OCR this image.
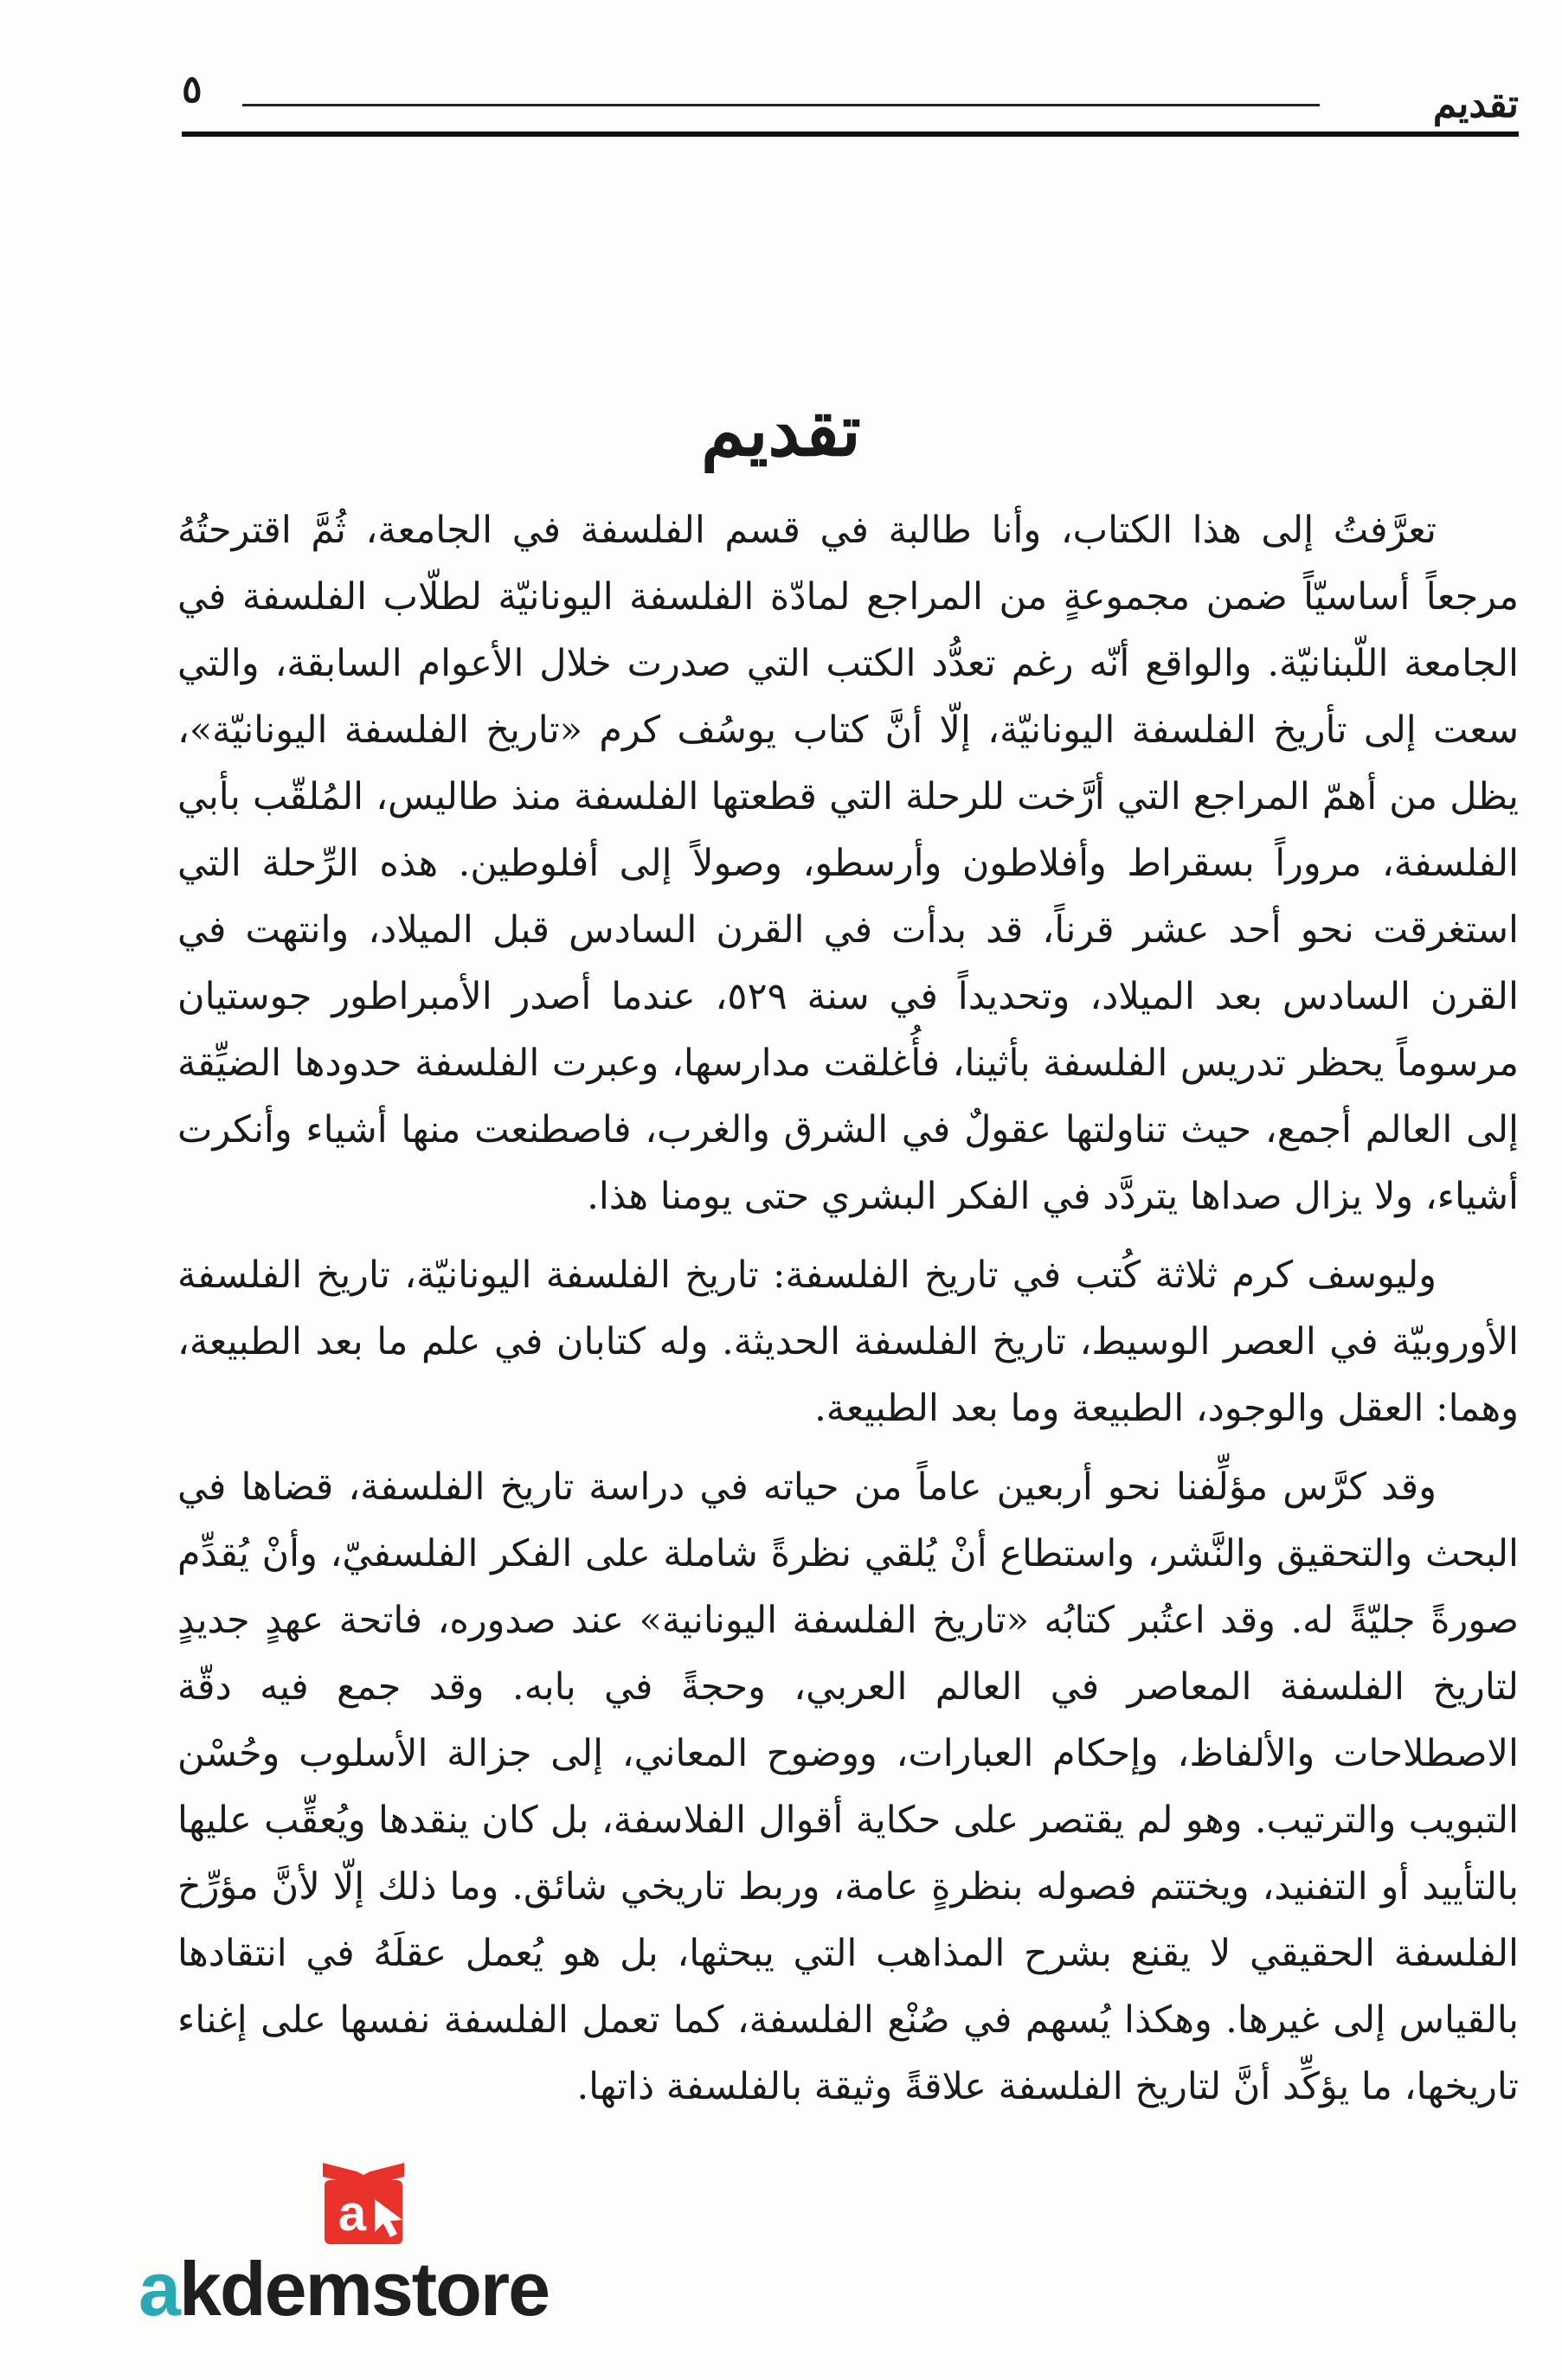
تقديم
٥
تقديم

تعرَّفتُ إلى هذا الكتاب، وأنا طالبة في قسم الفلسفة في الجامعة، ثُمَّ اقترحتُهُ مرجعاً أساسيّاً ضمن مجموعةٍ من المراجع لمادّة الفلسفة اليونانيّة لطلّاب الفلسفة في الجامعة اللّبنانيّة. والواقع أنّه رغم تعدُّد الكتب التي صدرت خلال الأعوام السابقة، والتي سعت إلى تأريخ الفلسفة اليونانيّة، إلّا أنَّ كتاب يوسُف كرم «تاريخ الفلسفة اليونانيّة»، يظل من أهمّ المراجع التي أرَّخت للرحلة التي قطعتها الفلسفة منذ طاليس، المُلقّب بأبي الفلسفة، مروراً بسقراط وأفلاطون وأرسطو، وصولاً إلى أفلوطين. هذه الرِّحلة التي استغرقت نحو أحد عشر قرناً، قد بدأت في القرن السادس قبل الميلاد، وانتهت في القرن السادس بعد الميلاد، وتحديداً في سنة ٥٢٩، عندما أصدر الأمبراطور جوستيان مرسوماً يحظر تدريس الفلسفة بأثينا، فأُغلقت مدارسها، وعبرت الفلسفة حدودها الضيِّقة إلى العالم أجمع، حيث تناولتها عقولٌ في الشرق والغرب، فاصطنعت منها أشياء وأنكرت أشياء، ولا يزال صداها يتردَّد في الفكر البشري حتى يومنا هذا.

وليوسف كرم ثلاثة كُتب في تاريخ الفلسفة: تاريخ الفلسفة اليونانيّة، تاريخ الفلسفة الأوروبيّة في العصر الوسيط، تاريخ الفلسفة الحديثة. وله كتابان في علم ما بعد الطبيعة، وهما: العقل والوجود، الطبيعة وما بعد الطبيعة.

وقد كرَّس مؤلِّفنا نحو أربعين عاماً من حياته في دراسة تاريخ الفلسفة، قضاها في البحث والتحقيق والنَّشر، واستطاع أنْ يُلقي نظرةً شاملة على الفكر الفلسفيّ، وأنْ يُقدِّم صورةً جليّةً له. وقد اعتُبر كتابُه «تاريخ الفلسفة اليونانية» عند صدوره، فاتحة عهدٍ جديدٍ لتاريخ الفلسفة المعاصر في العالم العربي، وحجةً في بابه. وقد جمع فيه دقّة الاصطلاحات والألفاظ، وإحكام العبارات، ووضوح المعاني، إلى جزالة الأسلوب وحُسْن التبويب والترتيب. وهو لم يقتصر على حكاية أقوال الفلاسفة، بل كان ينقدها ويُعقِّب عليها بالتأييد أو التفنيد، ويختتم فصوله بنظرةٍ عامة، وربط تاريخي شائق. وما ذلك إلّا لأنَّ مؤرِّخ الفلسفة الحقيقي لا يقنع بشرح المذاهب التي يبحثها، بل هو يُعمل عقلَهُ في انتقادها بالقياس إلى غيرها. وهكذا يُسهم في صُنْع الفلسفة، كما تعمل الفلسفة نفسها على إغناء تاريخها، ما يؤكِّد أنَّ لتاريخ الفلسفة علاقةً وثيقة بالفلسفة ذاتها.

a
akdemstore
